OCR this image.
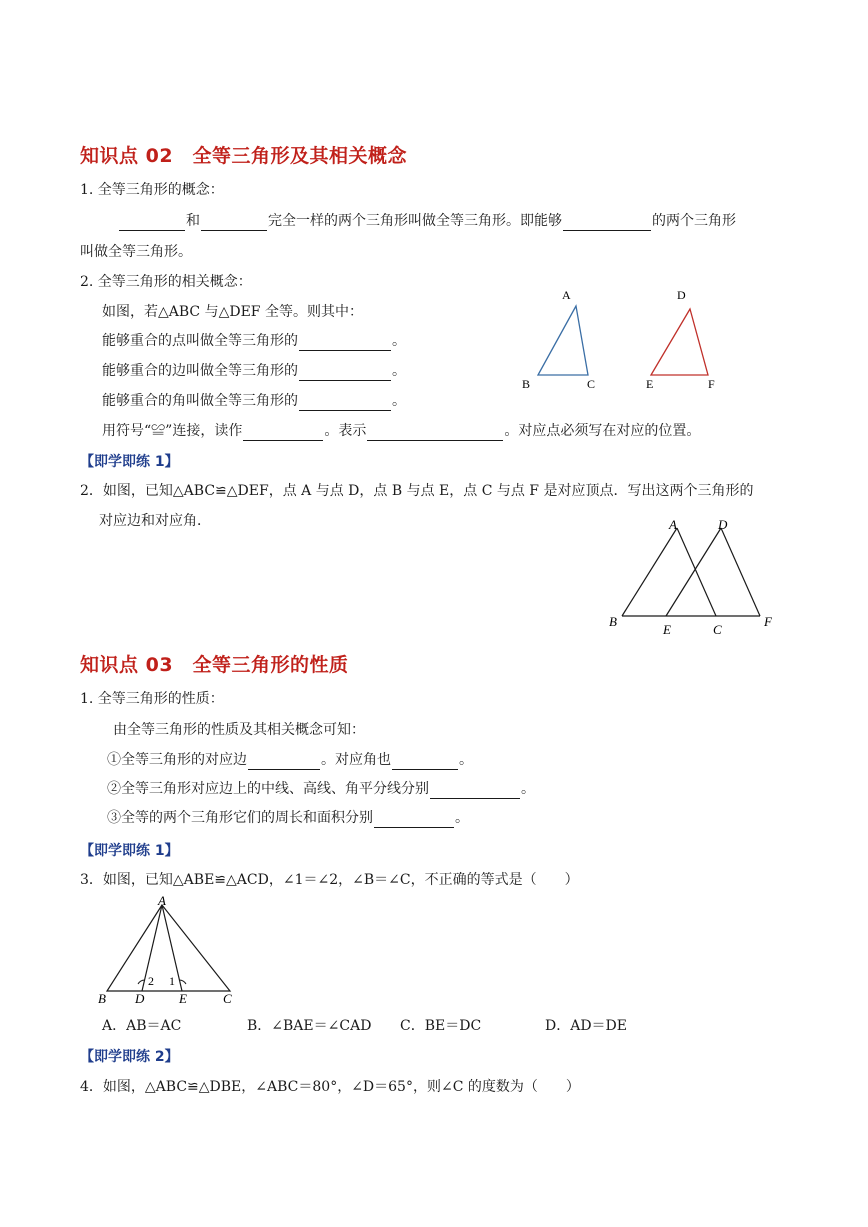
知识点 02　全等三角形及其相关概念
1. 全等三角形的概念：
和	完全一样的两个三角形叫做全等三角形。即能够	的两个三角形
叫做全等三角形。
2. 全等三角形的相关概念：
如图，若△ABC 与△DEF 全等。则其中：
能够重合的点叫做全等三角形的	。
能够重合的边叫做全等三角形的	。
能够重合的角叫做全等三角形的	。
用符号“≌”连接，读作	。表示	。对应点必须写在对应的位置。
A
B	C
D
E	F
【即学即练 1】
2．如图，已知△ABC≌△DEF，点 A 与点 D，点 B 与点 E，点 C 与点 F 是对应顶点．写出这两个三角形的
对应边和对应角．	A	D
B
E	C
F
知识点 03　全等三角形的性质
1. 全等三角形的性质：
由全等三角形的性质及其相关概念可知：
①全等三角形的对应边	。对应角也	。
②全等三角形对应边上的中线、高线、角平分线分别	。
③全等的两个三角形它们的周长和面积分别	。
【即学即练 1】
3．如图，已知△ABE≌△ACD，∠1＝∠2，∠B＝∠C，不正确的等式是（　　）
A
B D	E	C
2 1
A．AB＝AC	B．∠BAE＝∠CAD C．BE＝DC	D．AD＝DE
【即学即练 2】
4．如图，△ABC≌△DBE，∠ABC＝80°，∠D＝65°，则∠C 的度数为（　　）
